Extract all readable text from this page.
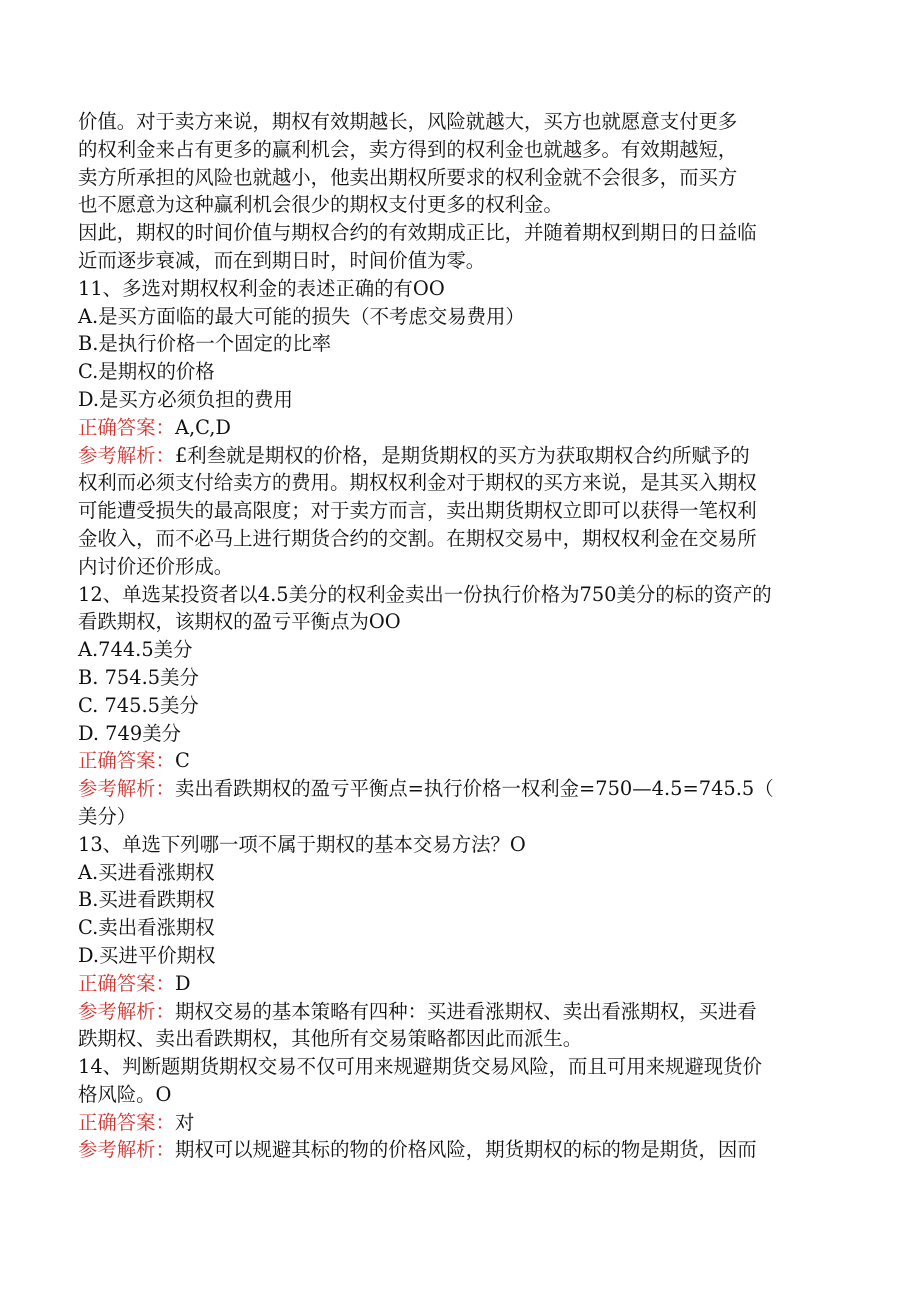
价值。对于卖方来说，期权有效期越长，风险就越大，买方也就愿意支付更多
的权利金来占有更多的赢利机会，卖方得到的权利金也就越多。有效期越短，
卖方所承担的风险也就越小，他卖出期权所要求的权利金就不会很多，而买方
也不愿意为这种赢利机会很少的期权支付更多的权利金。
因此，期权的时间价值与期权合约的有效期成正比，并随着期权到期日的日益临
近而逐步衰减，而在到期日时，时间价值为零。
11、多选对期权权利金的表述正确的有OO
A.是买方面临的最大可能的损失（不考虑交易费用）
B.是执行价格一个固定的比率
C.是期权的价格
D.是买方必须负担的费用
正确答案：A,C,D
参考解析：£利叁就是期权的价格，是期货期权的买方为获取期权合约所赋予的
权利而必须支付给卖方的费用。期权权利金对于期权的买方来说，是其买入期权
可能遭受损失的最高限度；对于卖方而言，卖出期货期权立即可以获得一笔权利
金收入，而不必马上进行期货合约的交割。在期权交易中，期权权利金在交易所
内讨价还价形成。
12、单选某投资者以4.5美分的权利金卖出一份执行价格为750美分的标的资产的
看跌期权，该期权的盈亏平衡点为OO
A.744.5美分
B. 754.5美分
C. 745.5美分
D. 749美分
正确答案：C
参考解析：卖出看跌期权的盈亏平衡点=执行价格一权利金=750—4.5=745.5（
美分）
13、单选下列哪一项不属于期权的基本交易方法？O
A.买进看涨期权
B.买进看跌期权
C.卖出看涨期权
D.买进平价期权
正确答案：D
参考解析：期权交易的基本策略有四种：买进看涨期权、卖出看涨期权，买进看
跌期权、卖出看跌期权，其他所有交易策略都因此而派生。
14、判断题期货期权交易不仅可用来规避期货交易风险，而且可用来规避现货价
格风险。O
正确答案：对
参考解析：期权可以规避其标的物的价格风险，期货期权的标的物是期货，因而
